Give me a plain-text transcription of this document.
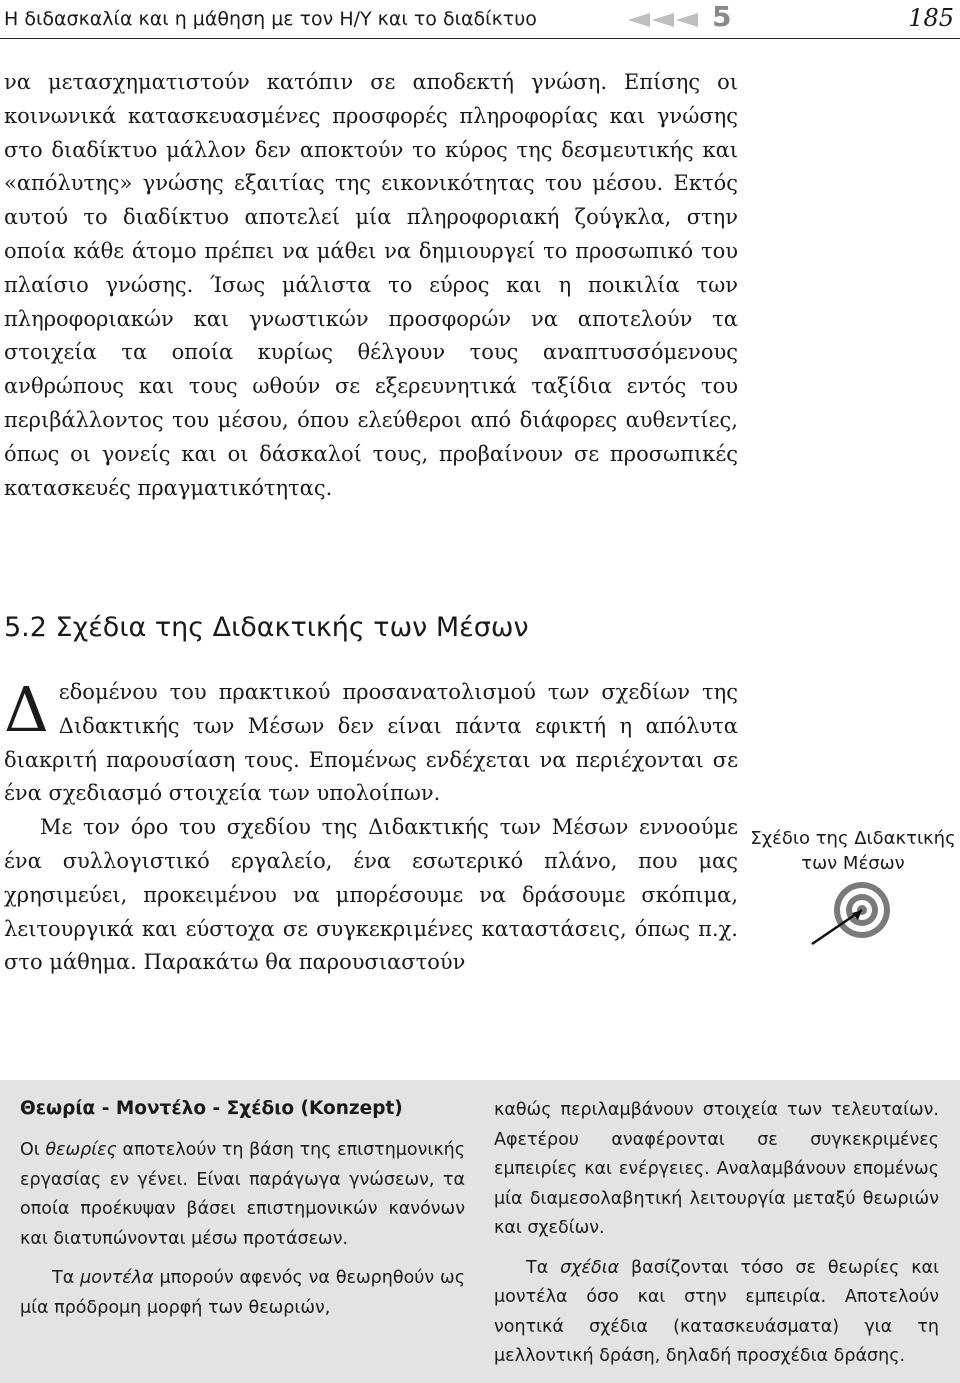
Η διδασκαλία και η μάθηση με τον Η/Υ και το διαδίκτυο	5	185

να μετασχηματιστούν κατόπιν σε αποδεκτή γνώση. Επίσης οι κοινωνικά κατασκευασμένες προσφορές πληροφορίας και γνώσης στο διαδίκτυο μάλλον δεν αποκτούν το κύρος της δεσμευτικής και «απόλυτης» γνώσης εξαιτίας της εικονικότητας του μέσου. Εκτός αυτού το διαδίκτυο αποτελεί μία πληροφοριακή ζούγκλα, στην οποία κάθε άτομο πρέπει να μάθει να δημιουργεί το προσωπικό του πλαίσιο γνώσης. Ίσως μάλιστα το εύρος και η ποικιλία των πληροφοριακών και γνωστικών προσφορών να αποτελούν τα στοιχεία τα οποία κυρίως θέλγουν τους αναπτυσσόμενους ανθρώπους και τους ωθούν σε εξερευνητικά ταξίδια εντός του περιβάλλοντος του μέσου, όπου ελεύθεροι από διάφορες αυθεντίες, όπως οι γονείς και οι δάσκαλοί τους, προβαίνουν σε προσωπικές κατασκευές πραγματικότητας.

5.2 Σχέδια της Διδακτικής των Μέσων

Δεδομένου του πρακτικού προσανατολισμού των σχεδίων της Διδακτικής των Μέσων δεν είναι πάντα εφικτή η απόλυτα διακριτή παρουσίαση τους. Επομένως ενδέχεται να περιέχονται σε ένα σχεδιασμό στοιχεία των υπολοίπων.

Με τον όρο του σχεδίου της Διδακτικής των Μέσων εννοούμε ένα συλλογιστικό εργαλείο, ένα εσωτερικό πλάνο, που μας χρησιμεύει, προκειμένου να μπορέσουμε να δράσουμε σκόπιμα, λειτουργικά και εύστοχα σε συγκεκριμένες καταστάσεις, όπως π.χ. στο μάθημα. Παρακάτω θα παρουσιαστούν

Σχέδιο της Διδακτικής
των Μέσων
Θεωρία - Μοντέλο - Σχέδιο (Konzept)

Οι θεωρίες αποτελούν τη βάση της επιστημονικής εργασίας εν γένει. Είναι παράγωγα γνώσεων, τα οποία προέκυψαν βάσει επιστημονικών κανόνων και διατυπώνονται μέσω προτάσεων.

Τα μοντέλα μπορούν αφενός να θεωρηθούν ως μία πρόδρομη μορφή των θεωριών,

καθώς περιλαμβάνουν στοιχεία των τελευταίων. Αφετέρου αναφέρονται σε συγκεκριμένες εμπειρίες και ενέργειες. Αναλαμβάνουν επομένως μία διαμεσολαβητική λειτουργία μεταξύ θεωριών και σχεδίων.

Τα σχέδια βασίζονται τόσο σε θεωρίες και μοντέλα όσο και στην εμπειρία. Αποτελούν νοητικά σχέδια (κατασκευάσματα) για τη μελλοντική δράση, δηλαδή προσχέδια δράσης.
